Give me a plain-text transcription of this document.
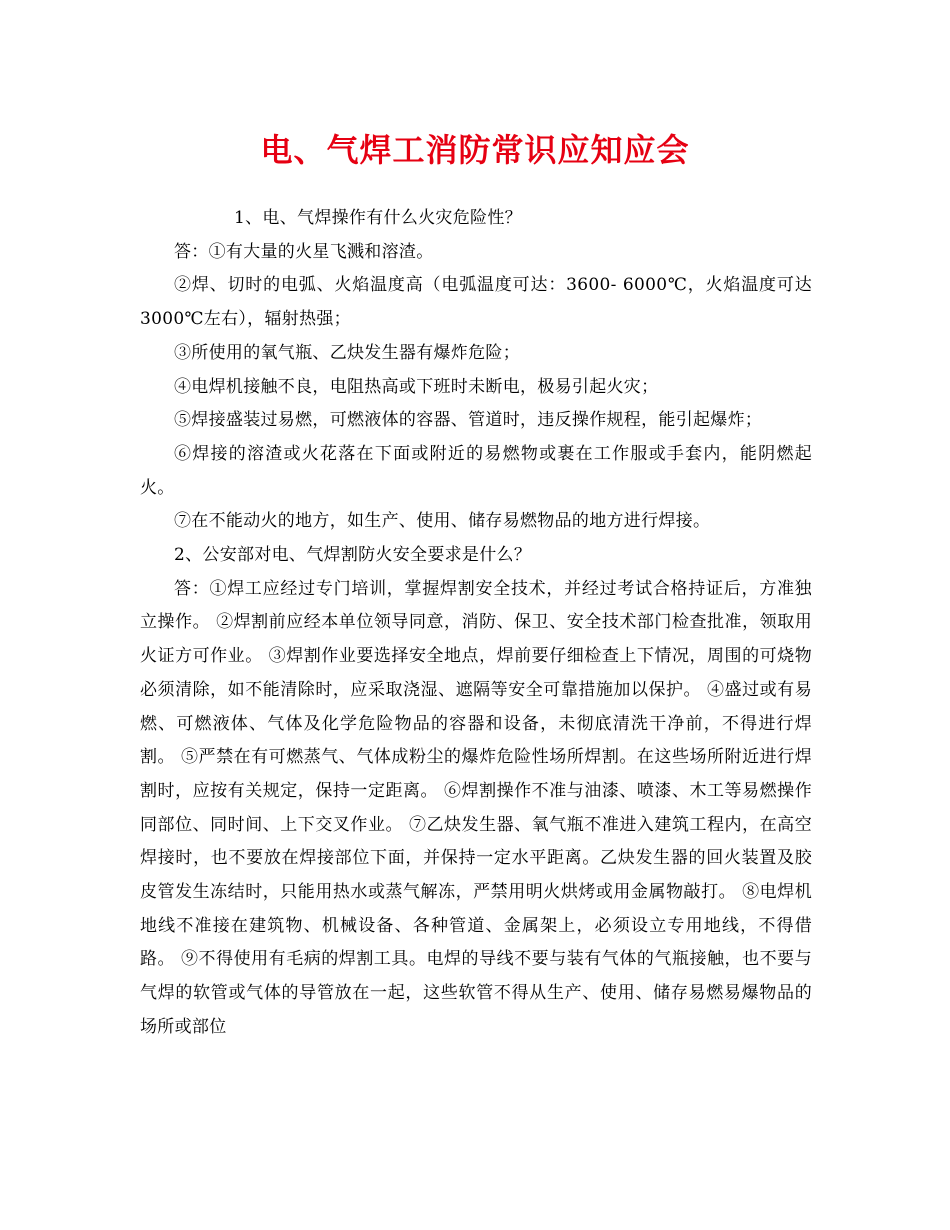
电、气焊工消防常识应知应会

1、电、气焊操作有什么火灾危险性？

答：①有大量的火星飞溅和溶渣。

②焊、切时的电弧、火焰温度高（电弧温度可达：3600- 6000℃，火焰温度可达3000℃左右），辐射热强；

③所使用的氧气瓶、乙炔发生器有爆炸危险；

④电焊机接触不良，电阻热高或下班时未断电，极易引起火灾；

⑤焊接盛装过易燃，可燃液体的容器、管道时，违反操作规程，能引起爆炸；

⑥焊接的溶渣或火花落在下面或附近的易燃物或裹在工作服或手套内，能阴燃起火。

⑦在不能动火的地方，如生产、使用、储存易燃物品的地方进行焊接。

2、公安部对电、气焊割防火安全要求是什么？

答：①焊工应经过专门培训，掌握焊割安全技术，并经过考试合格持证后，方准独立操作。 ②焊割前应经本单位领导同意，消防、保卫、安全技术部门检查批准，领取用火证方可作业。 ③焊割作业要选择安全地点，焊前要仔细检查上下情况，周围的可烧物必须清除，如不能清除时，应采取浇湿、遮隔等安全可靠措施加以保护。 ④盛过或有易燃、可燃液体、气体及化学危险物品的容器和设备，未彻底清洗干净前，不得进行焊割。 ⑤严禁在有可燃蒸气、气体成粉尘的爆炸危险性场所焊割。在这些场所附近进行焊割时，应按有关规定，保持一定距离。 ⑥焊割操作不准与油漆、喷漆、木工等易燃操作同部位、同时间、上下交叉作业。 ⑦乙炔发生器、氧气瓶不准进入建筑工程内，在高空焊接时，也不要放在焊接部位下面，并保持一定水平距离。乙炔发生器的回火装置及胶皮管发生冻结时，只能用热水或蒸气解冻，严禁用明火烘烤或用金属物敲打。 ⑧电焊机地线不准接在建筑物、机械设备、各种管道、金属架上，必须设立专用地线，不得借路。 ⑨不得使用有毛病的焊割工具。电焊的导线不要与装有气体的气瓶接触，也不要与气焊的软管或气体的导管放在一起，这些软管不得从生产、使用、储存易燃易爆物品的场所或部位
